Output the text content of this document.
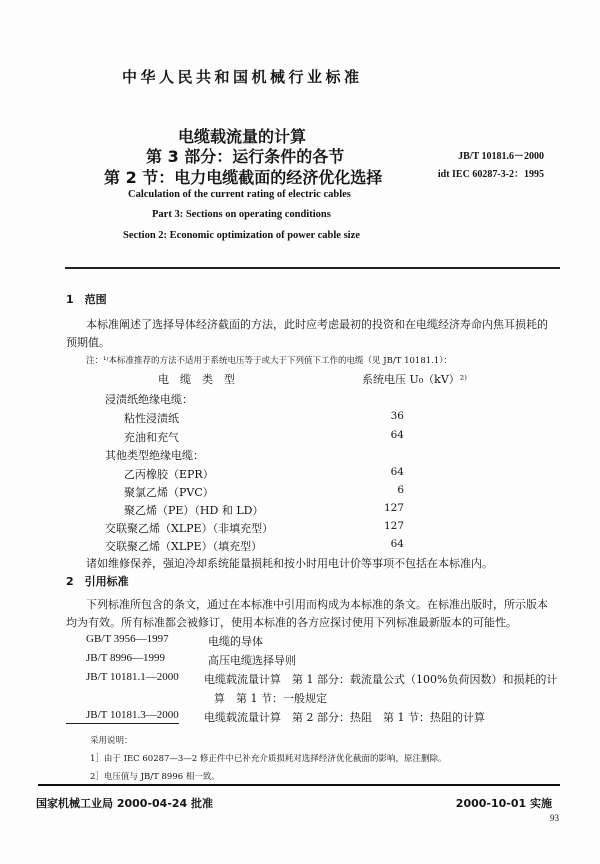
中华人民共和国机械行业标准
电缆载流量的计算
第 3 部分：运行条件的各节
第 2 节：电力电缆截面的经济优化选择
JB/T 10181.6－2000
idt IEC 60287-3-2：1995
Calculation of the current rating of electric cables
Part 3: Sections on operating conditions
Section 2: Economic optimization of power cable size
1　范围
本标准阐述了选择导体经济截面的方法，此时应考虑最初的投资和在电缆经济寿命内焦耳损耗的
预期值。
注：¹⁾本标准推荐的方法不适用于系统电压等于或大于下列值下工作的电缆（见 JB/T 10181.1）：
电　缆　类　型	系统电压 U₀（kV）²⁾
浸渍纸绝缘电缆：
粘性浸渍纸	36
充油和充气	64
其他类型绝缘电缆：
乙丙橡胶（EPR）	64
聚氯乙烯（PVC）	6
聚乙烯（PE）（HD 和 LD）	127
交联聚乙烯（XLPE）（非填充型）	127
交联聚乙烯（XLPE）（填充型）	64
诸如维修保养，强迫冷却系统能量损耗和按小时用电计价等事项不包括在本标准内。
2　引用标准
下列标准所包含的条文，通过在本标准中引用而构成为本标准的条文。在标准出版时，所示版本
均为有效。所有标准都会被修订，使用本标准的各方应探讨使用下列标准最新版本的可能性。
GB/T 3956—1997	电缆的导体
JB/T 8996—1999	高压电缆选择导则
JB/T 10181.1—2000 电缆载流量计算　第 1 部分：载流量公式（100%负荷因数）和损耗的计
算　第 1 节：一般规定
JB/T 10181.3—2000 电缆载流量计算　第 2 部分：热阻　第 1 节：热阻的计算
采用说明：
1］由于 IEC 60287—3—2 修正件中已补充介质损耗对选择经济优化截面的影响，原注删除。
2］电压值与 JB/T 8996 相一致。
国家机械工业局 2000-04-24 批准	2000-10-01 实施
93
